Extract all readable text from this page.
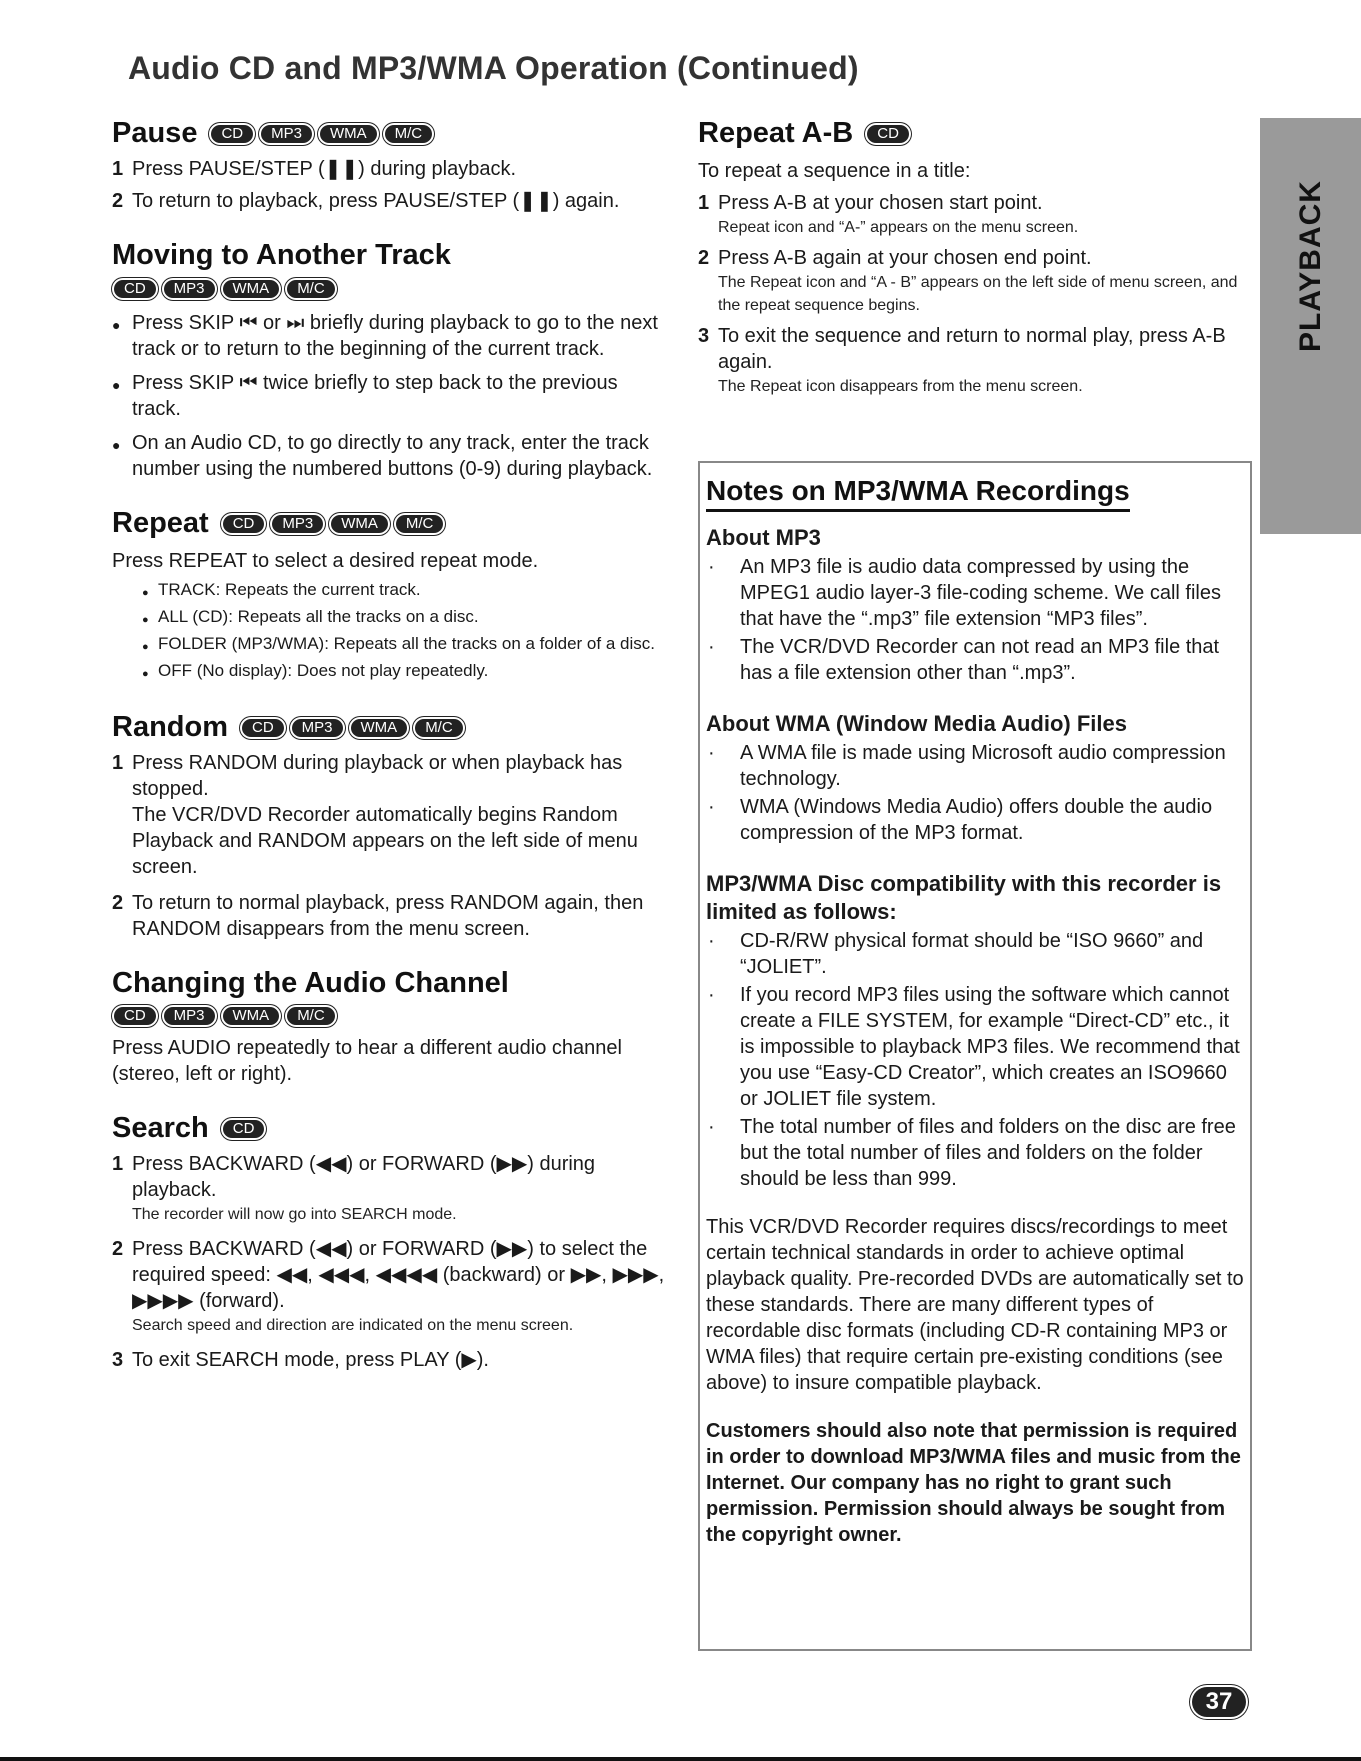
Audio CD and MP3/WMA Operation (Continued)
PLAYBACK
Pause	CD	MP3	WMA	M/C
1 Press PAUSE/STEP (❚❚) during playback.
2 To return to playback, press PAUSE/STEP (❚❚) again.
Moving to Another Track
CD	MP3	WMA	M/C
● Press SKIP ⏮ or ⏭ briefly during playback to go to the next track or to return to the beginning of the current track.
● Press SKIP ⏮ twice briefly to step back to the previous track.
● On an Audio CD, to go directly to any track, enter the track number using the numbered buttons (0-9) during playback.
Repeat	CD	MP3	WMA	M/C
Press REPEAT to select a desired repeat mode.
● TRACK: Repeats the current track.
● ALL (CD): Repeats all the tracks on a disc.
● FOLDER (MP3/WMA): Repeats all the tracks on a folder of a disc.
● OFF (No display): Does not play repeatedly.
Random	CD	MP3	WMA	M/C
1 Press RANDOM during playback or when playback has stopped.
The VCR/DVD Recorder automatically begins Random Playback and RANDOM appears on the left side of menu screen.
2 To return to normal playback, press RANDOM again, then RANDOM disappears from the menu screen.
Changing the Audio Channel
CD	MP3	WMA	M/C
Press AUDIO repeatedly to hear a different audio channel (stereo, left or right).
Search	CD
1 Press BACKWARD (◀◀) or FORWARD (▶▶) during playback.
The recorder will now go into SEARCH mode.
2 Press BACKWARD (◀◀) or FORWARD (▶▶) to select the required speed: ◀◀, ◀◀◀, ◀◀◀◀ (backward) or ▶▶, ▶▶▶, ▶▶▶▶ (forward).
Search speed and direction are indicated on the menu screen.
3 To exit SEARCH mode, press PLAY (▶).
Repeat A-B	CD
To repeat a sequence in a title:
1 Press A-B at your chosen start point.
Repeat icon and “A-” appears on the menu screen.
2 Press A-B again at your chosen end point.
The Repeat icon and “A - B” appears on the left side of menu screen, and the repeat sequence begins.
3 To exit the sequence and return to normal play, press A-B again.
The Repeat icon disappears from the menu screen.
Notes on MP3/WMA Recordings
About MP3
·	An MP3 file is audio data compressed by using the MPEG1 audio layer-3 file-coding scheme. We call files that have the “.mp3” file extension “MP3 files”.
·	The VCR/DVD Recorder can not read an MP3 file that has a file extension other than “.mp3”.
About WMA (Window Media Audio) Files
·	A WMA file is made using Microsoft audio compression technology.
·	WMA (Windows Media Audio) offers double the audio compression of the MP3 format.
MP3/WMA Disc compatibility with this recorder is limited as follows:
·	CD-R/RW physical format should be “ISO 9660” and “JOLIET”.
·	If you record MP3 files using the software which cannot create a FILE SYSTEM, for example “Direct-CD” etc., it is impossible to playback MP3 files. We recommend that you use “Easy-CD Creator”, which creates an ISO9660 or JOLIET file system.
·	The total number of files and folders on the disc are free but the total number of files and folders on the folder should be less than 999.
This VCR/DVD Recorder requires discs/recordings to meet certain technical standards in order to achieve optimal playback quality. Pre-recorded DVDs are automatically set to these standards. There are many different types of recordable disc formats (including CD-R containing MP3 or WMA files) that require certain pre-existing conditions (see above) to insure compatible playback.
Customers should also note that permission is required in order to download MP3/WMA files and music from the Internet. Our company has no right to grant such permission. Permission should always be sought from the copyright owner.
37
